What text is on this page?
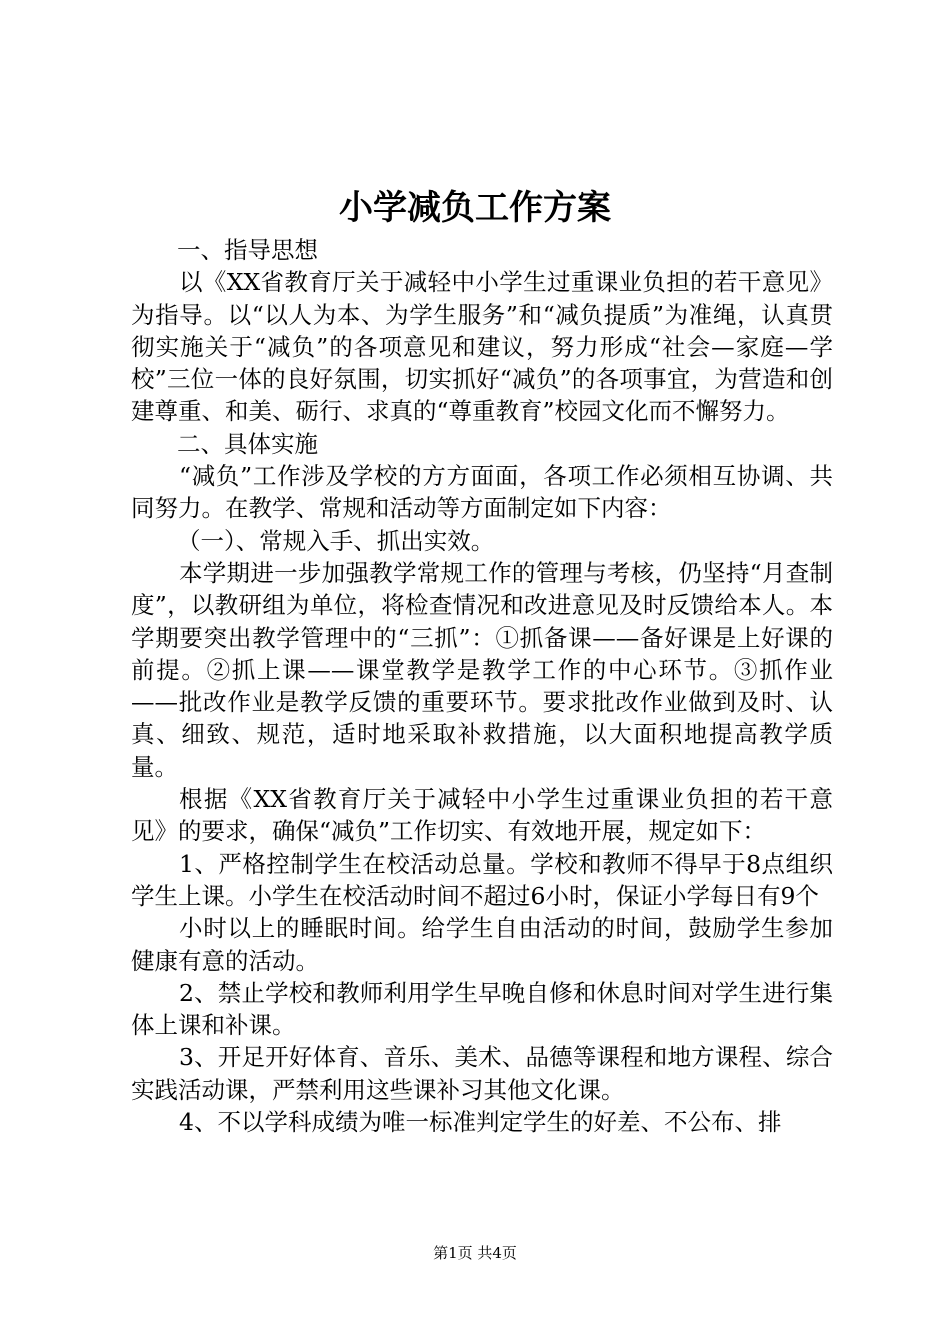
小学减负工作方案

一、指导思想

以《XX省教育厅关于减轻中小学生过重课业负担的若干意见》为指导。以“以人为本、为学生服务”和“减负提质”为准绳，认真贯彻实施关于“减负”的各项意见和建议，努力形成“社会—家庭—学校”三位一体的良好氛围，切实抓好“减负”的各项事宜，为营造和创建尊重、和美、砺行、求真的“尊重教育”校园文化而不懈努力。

二、具体实施

“减负”工作涉及学校的方方面面，各项工作必须相互协调、共同努力。在教学、常规和活动等方面制定如下内容：

（一）、常规入手、抓出实效。

本学期进一步加强教学常规工作的管理与考核，仍坚持“月查制度”，以教研组为单位，将检查情况和改进意见及时反馈给本人。本学期要突出教学管理中的“三抓”：①抓备课——备好课是上好课的前提。②抓上课——课堂教学是教学工作的中心环节。③抓作业——批改作业是教学反馈的重要环节。要求批改作业做到及时、认真、细致、规范，适时地采取补救措施，以大面积地提高教学质量。

根据《XX省教育厅关于减轻中小学生过重课业负担的若干意见》的要求，确保“减负”工作切实、有效地开展，规定如下：

1、严格控制学生在校活动总量。学校和教师不得早于8点组织学生上课。小学生在校活动时间不超过6小时，保证小学每日有9个

小时以上的睡眠时间。给学生自由活动的时间，鼓励学生参加健康有意的活动。

2、禁止学校和教师利用学生早晚自修和休息时间对学生进行集体上课和补课。

3、开足开好体育、音乐、美术、品德等课程和地方课程、综合实践活动课，严禁利用这些课补习其他文化课。

4、不以学科成绩为唯一标准判定学生的好差、不公布、排

第1页 共4页
